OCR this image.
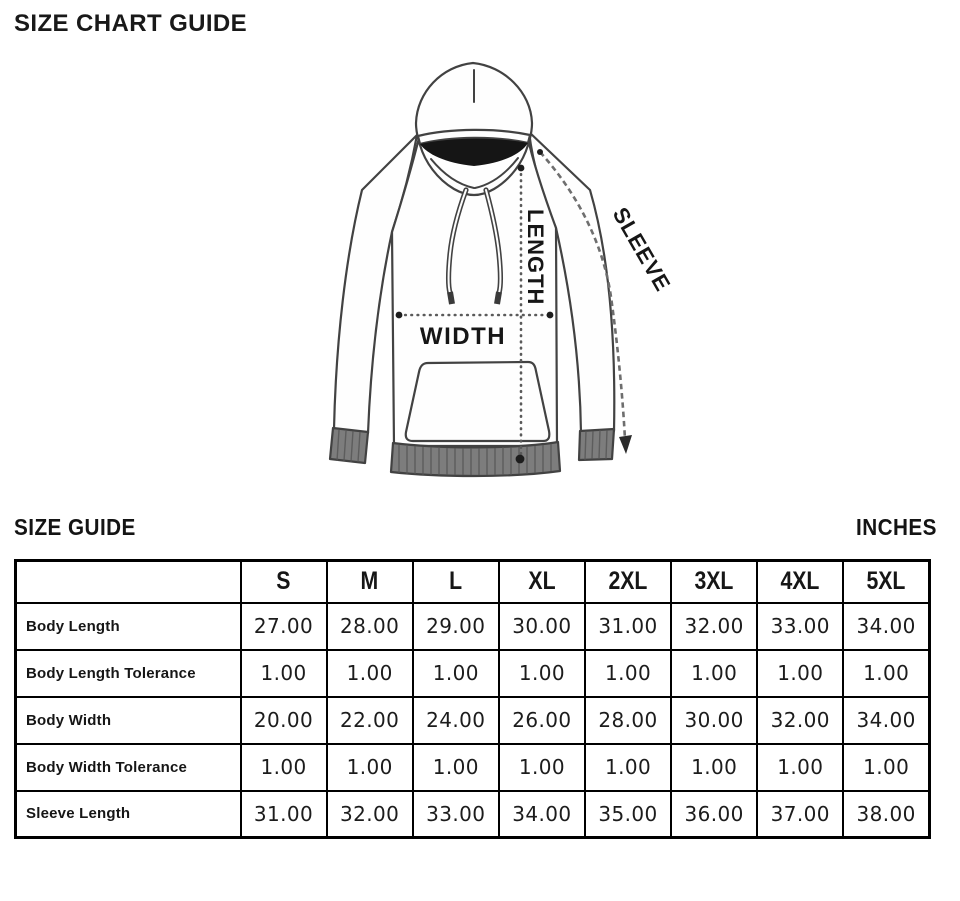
SIZE CHART GUIDE
LENGTH
WIDTH
SLEEVE
SIZE GUIDE	INCHES
	S	M	L	XL	2XL	3XL	4XL	5XL
Body Length	27.00	28.00	29.00	30.00	31.00	32.00	33.00	34.00
Body Length Tolerance	1.00	1.00	1.00	1.00	1.00	1.00	1.00	1.00
Body Width	20.00	22.00	24.00	26.00	28.00	30.00	32.00	34.00
Body Width Tolerance	1.00	1.00	1.00	1.00	1.00	1.00	1.00	1.00
Sleeve Length	31.00	32.00	33.00	34.00	35.00	36.00	37.00	38.00
